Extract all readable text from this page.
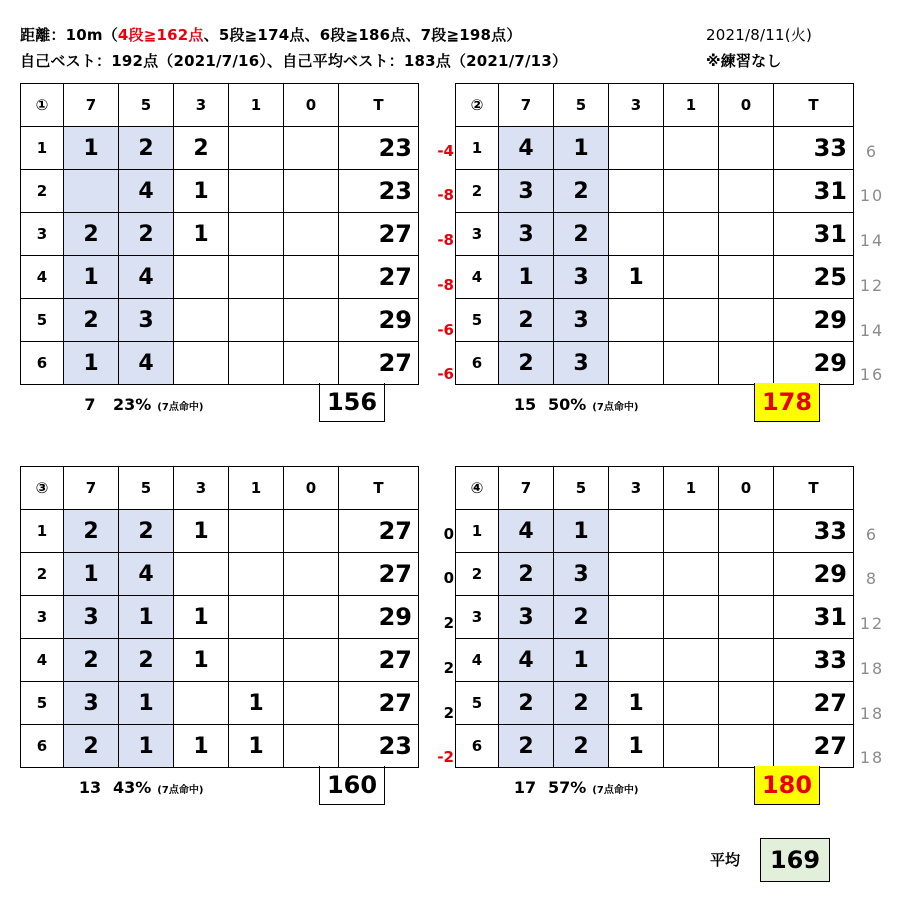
距離：10m（4段≧162点、5段≧174点、6段≧186点、7段≧198点）
自己ベスト：192点（2021/7/16）、自己平均ベスト：183点（2021/7/13）
2021/8/11(火)
※練習なし
-4
-8
-8
-8
-6
-6
①	7	5	3	1	0	T
1	1	2	2			23
2		4	1			23
3	2	2	1			27
4	1	4				27
5	2	3				29
6	1	4				27
7 23% (7点命中)	156
6
10
14
12
14
16
②	7	5	3	1	0	T
1	4	1				33
2	3	2				31
3	3	2				31
4	1	3	1			25
5	2	3				29
6	2	3				29
15 50% (7点命中)	178
0
0
2
2
2
-2
③	7	5	3	1	0	T
1	2	2	1			27
2	1	4				27
3	3	1	1			29
4	2	2	1			27
5	3	1		1		27
6	2	1	1	1		23
13 43% (7点命中)	160
6
8
12
18
18
18
④	7	5	3	1	0	T
1	4	1				33
2	2	3				29
3	3	2				31
4	4	1				33
5	2	2	1			27
6	2	2	1			27
17 57% (7点命中)	180
平均	169
